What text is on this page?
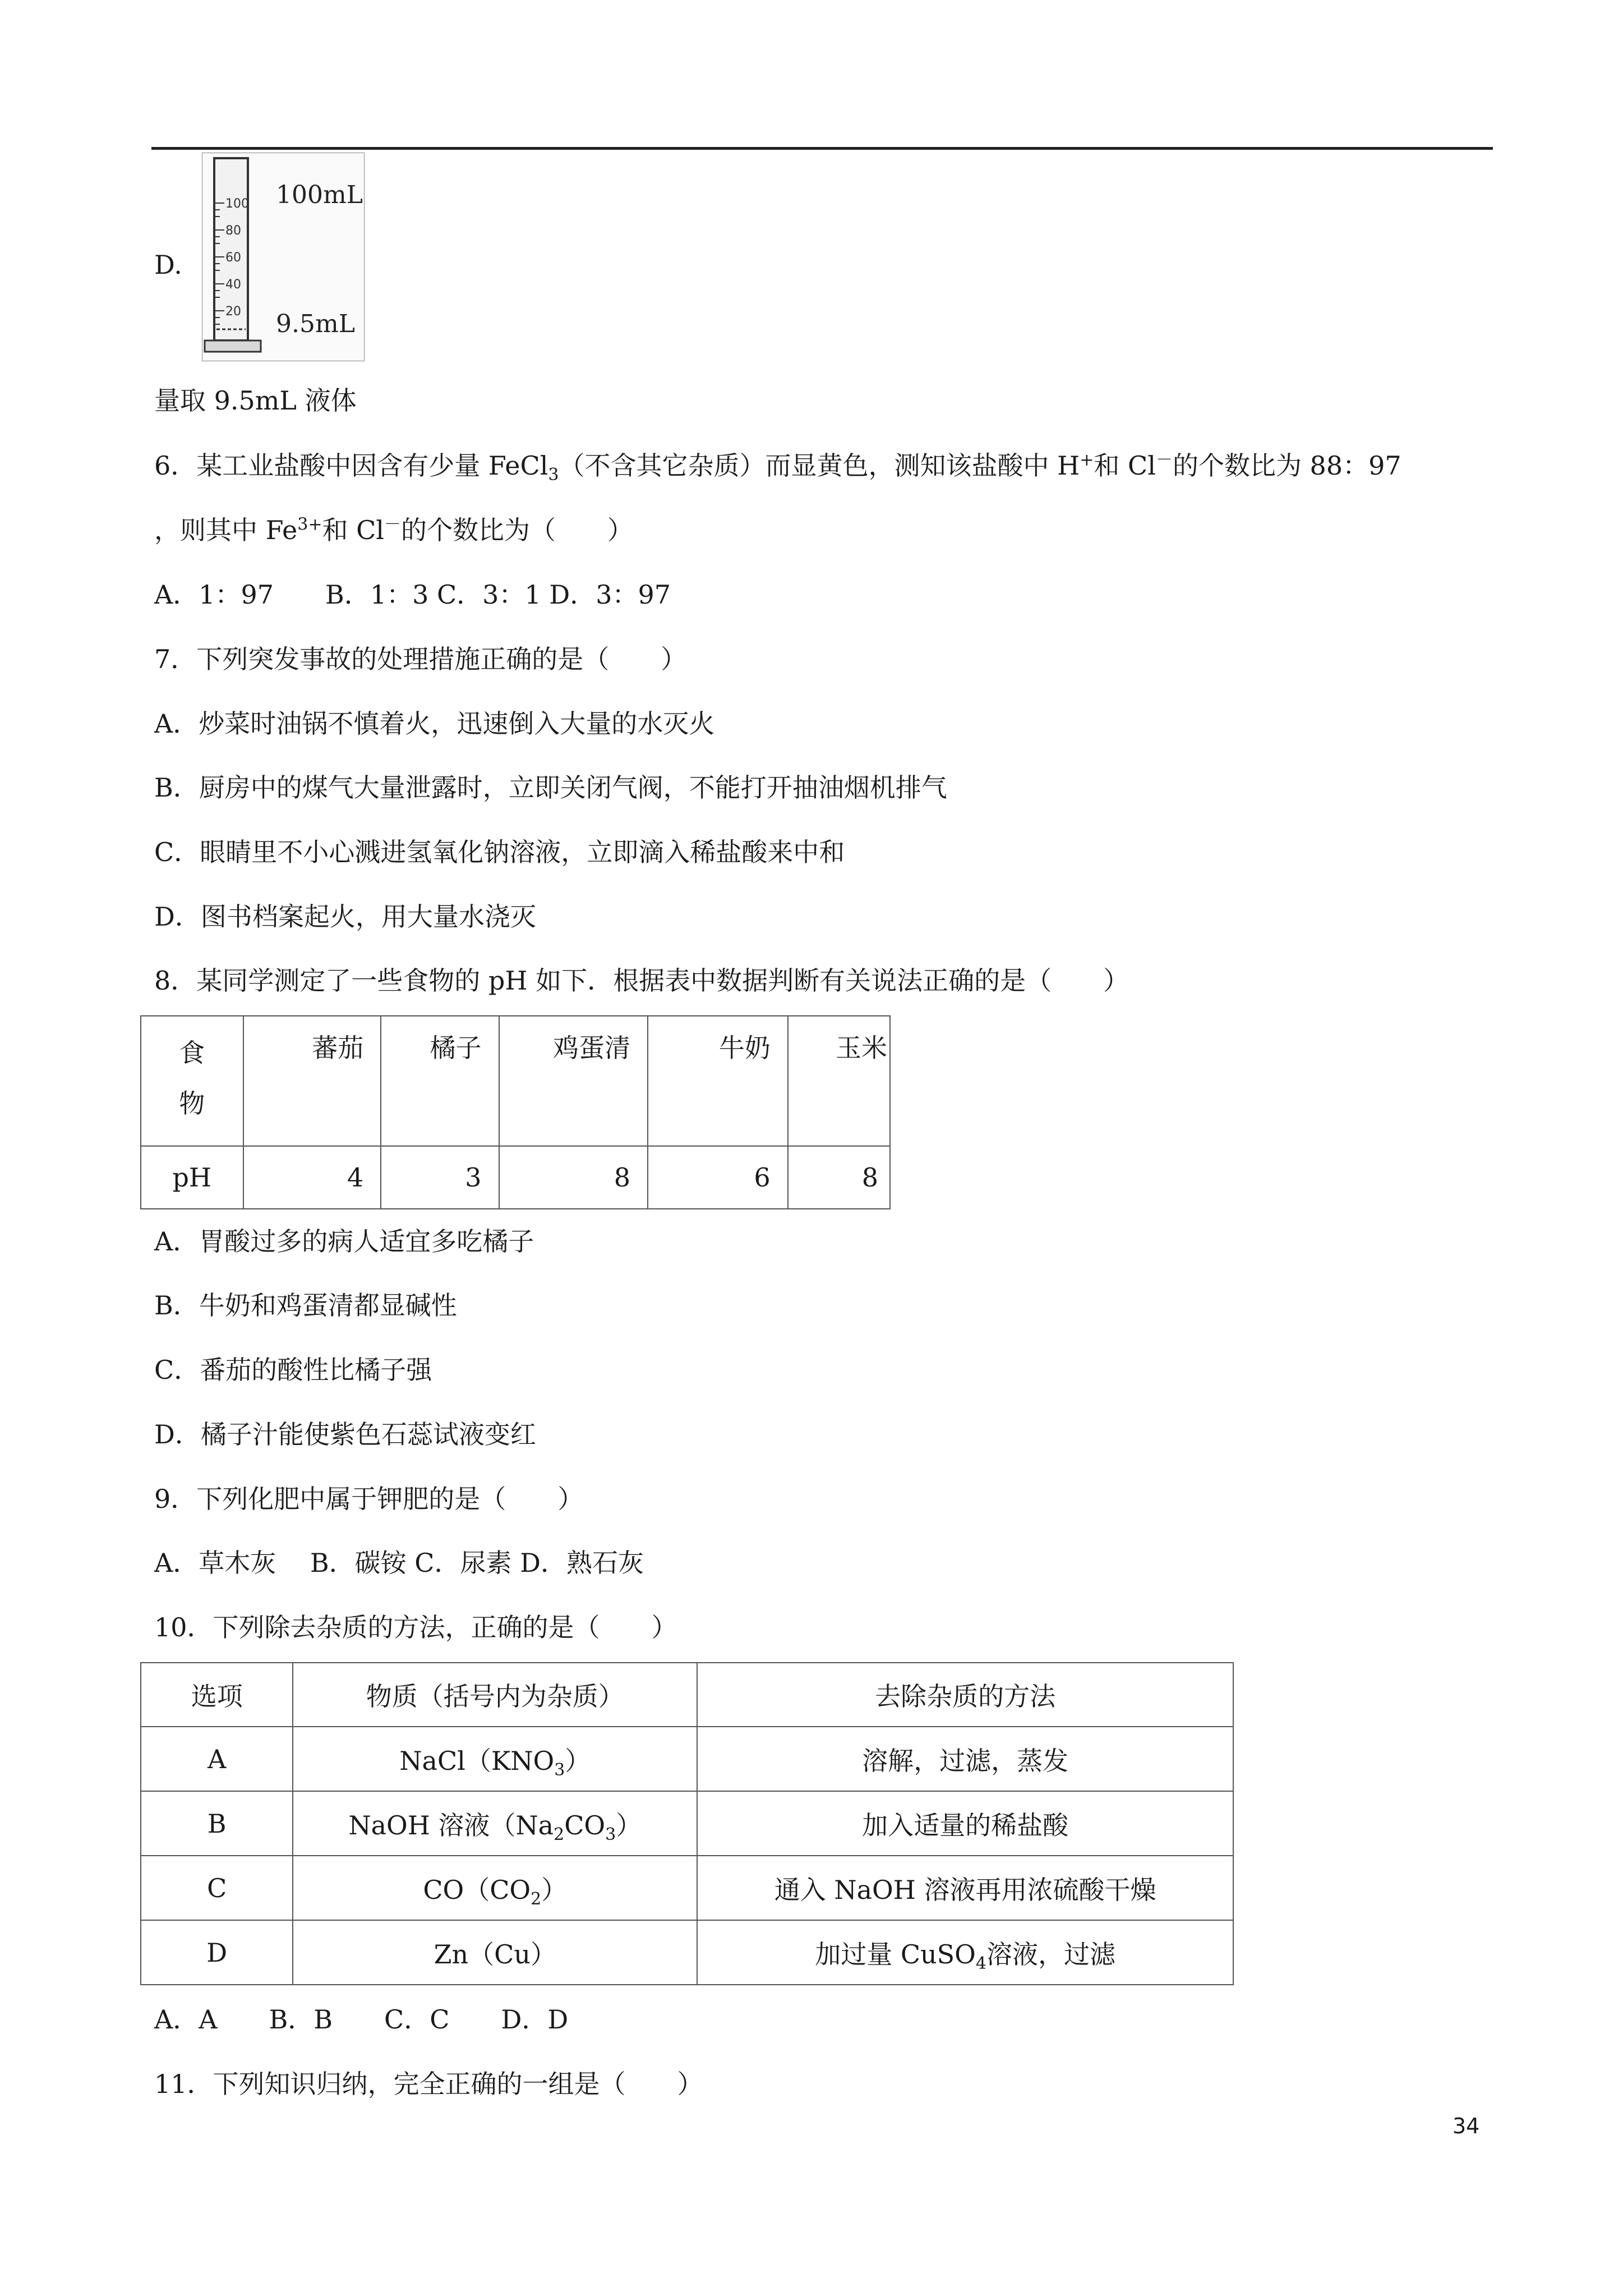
D.
100
80
60
40
20
100mL
9.5mL
量取 9.5mL 液体
6．某工业盐酸中因含有少量 FeCl$_3$（不含其它杂质）而显黄色，测知该盐酸中 H+和 Cl－的个数比为 88：97
，则其中 $Fe^{3+}$和 Cl－的个数比为（　　）
A．1：97　　B．1：3 C．3：1 D．3：97
7．下列突发事故的处理措施正确的是（　　）
A．炒菜时油锅不慎着火，迅速倒入大量的水灭火
B．厨房中的煤气大量泄露时，立即关闭气阀，不能打开抽油烟机排气
C．眼睛里不小心溅进氢氧化钠溶液，立即滴入稀盐酸来中和
D．图书档案起火，用大量水浇灭
8．某同学测定了一些食物的 pH 如下．根据表中数据判断有关说法正确的是（　　）
食
物	蕃茄	橘子	鸡蛋清	牛奶	玉米
pH	4	3	8	6	8
A．胃酸过多的病人适宜多吃橘子
B．牛奶和鸡蛋清都显碱性
C．番茄的酸性比橘子强
D．橘子汁能使紫色石蕊试液变红
9．下列化肥中属于钾肥的是（　　）
A．草木灰　 B．碳铵 C．尿素 D．熟石灰
10．下列除去杂质的方法，正确的是（　　）
选项	物质（括号内为杂质）	去除杂质的方法
A	$NaCl(KNO_3)$	溶解，过滤，蒸发
B	NaOH 溶液$(Na_2CO_3)$	加入适量的稀盐酸
C	$CO(CO_2)$	通入 NaOH 溶液再用浓硫酸干燥
D	Zn（Cu）	加过量 CuSO$_4$溶液，过滤
A．A　　B．B　　C．C　　D．D
11．下列知识归纳，完全正确的一组是（　　）
34
